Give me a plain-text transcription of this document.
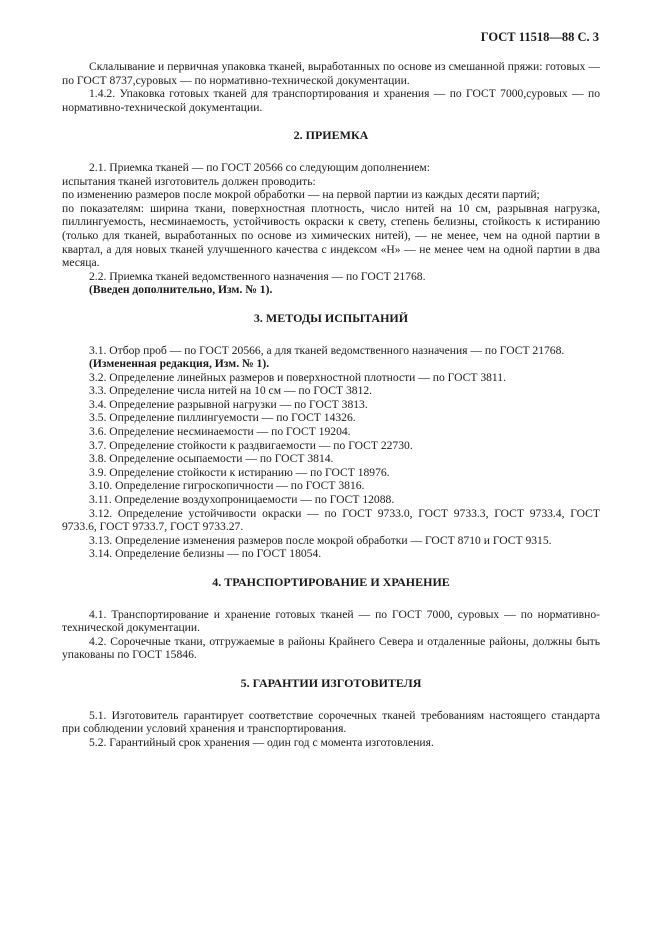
ГОСТ 11518—88 С. 3

Склалывание и первичная упаковка тканей, выработанных по основе из смешанной пряжи: готовых — по ГОСТ 8737,суровых — по нормативно-технической документации.

1.4.2. Упаковка готовых тканей для транспортирования и хранения — по ГОСТ 7000,суровых — по нормативно-технической документации.

2. ПРИЕМКА

2.1. Приемка тканей — по ГОСТ 20566 со следующим дополнением:

испытания тканей изготовитель должен проводить:

по изменению размеров после мокрой обработки — на первой партии из каждых десяти партий;

по показателям: ширина ткани, поверхностная плотность, число нитей на 10 см, разрывная нагрузка, пиллингуемость, несминаемость, устойчивость окраски к свету, степень белизны, стойкость к истиранию (только для тканей, выработанных по основе из химических нитей), — не менее, чем на одной партии в квартал, а для новых тканей улучшенного качества с индексом «Н» — не менее чем на одной партии в два месяца.

2.2. Приемка тканей ведомственного назначения — по ГОСТ 21768.

(Введен дополнительно, Изм. № 1).

3. МЕТОДЫ ИСПЫТАНИЙ

3.1. Отбор проб — по ГОСТ 20566, а для тканей ведомственного назначения — по ГОСТ 21768.

(Измененная редакция, Изм. № 1).

3.2. Определение линейных размеров и поверхностной плотности — по ГОСТ 3811.

3.3. Определение числа нитей на 10 см — по ГОСТ 3812.

3.4. Определение разрывной нагрузки — по ГОСТ 3813.

3.5. Определение пиллингуемости — по ГОСТ 14326.

3.6. Определение несминаемости — по ГОСТ 19204.

3.7. Определение стойкости к раздвигаемости — по ГОСТ 22730.

3.8. Определение осыпаемости — по ГОСТ 3814.

3.9. Определение стойкости к истиранию — по ГОСТ 18976.

3.10. Определение гигроскопичности — по ГОСТ 3816.

3.11. Определение воздухопроницаемости — по ГОСТ 12088.

3.12. Определение устойчивости окраски — по ГОСТ 9733.0, ГОСТ 9733.3, ГОСТ 9733.4, ГОСТ 9733.6, ГОСТ 9733.7, ГОСТ 9733.27.

3.13. Определение изменения размеров после мокрой обработки — ГОСТ 8710 и ГОСТ 9315.

3.14. Определение белизны — по ГОСТ 18054.

4. ТРАНСПОРТИРОВАНИЕ И ХРАНЕНИЕ

4.1. Транспортирование и хранение готовых тканей — по ГОСТ 7000, суровых — по нормативно-технической документации.

4.2. Сорочечные ткани, отгружаемые в районы Крайнего Севера и отдаленные районы, должны быть упакованы по ГОСТ 15846.

5. ГАРАНТИИ ИЗГОТОВИТЕЛЯ

5.1. Изготовитель гарантирует соответствие сорочечных тканей требованиям настоящего стандарта при соблюдении условий хранения и транспортирования.

5.2. Гарантийный срок хранения — один год с момента изготовления.
